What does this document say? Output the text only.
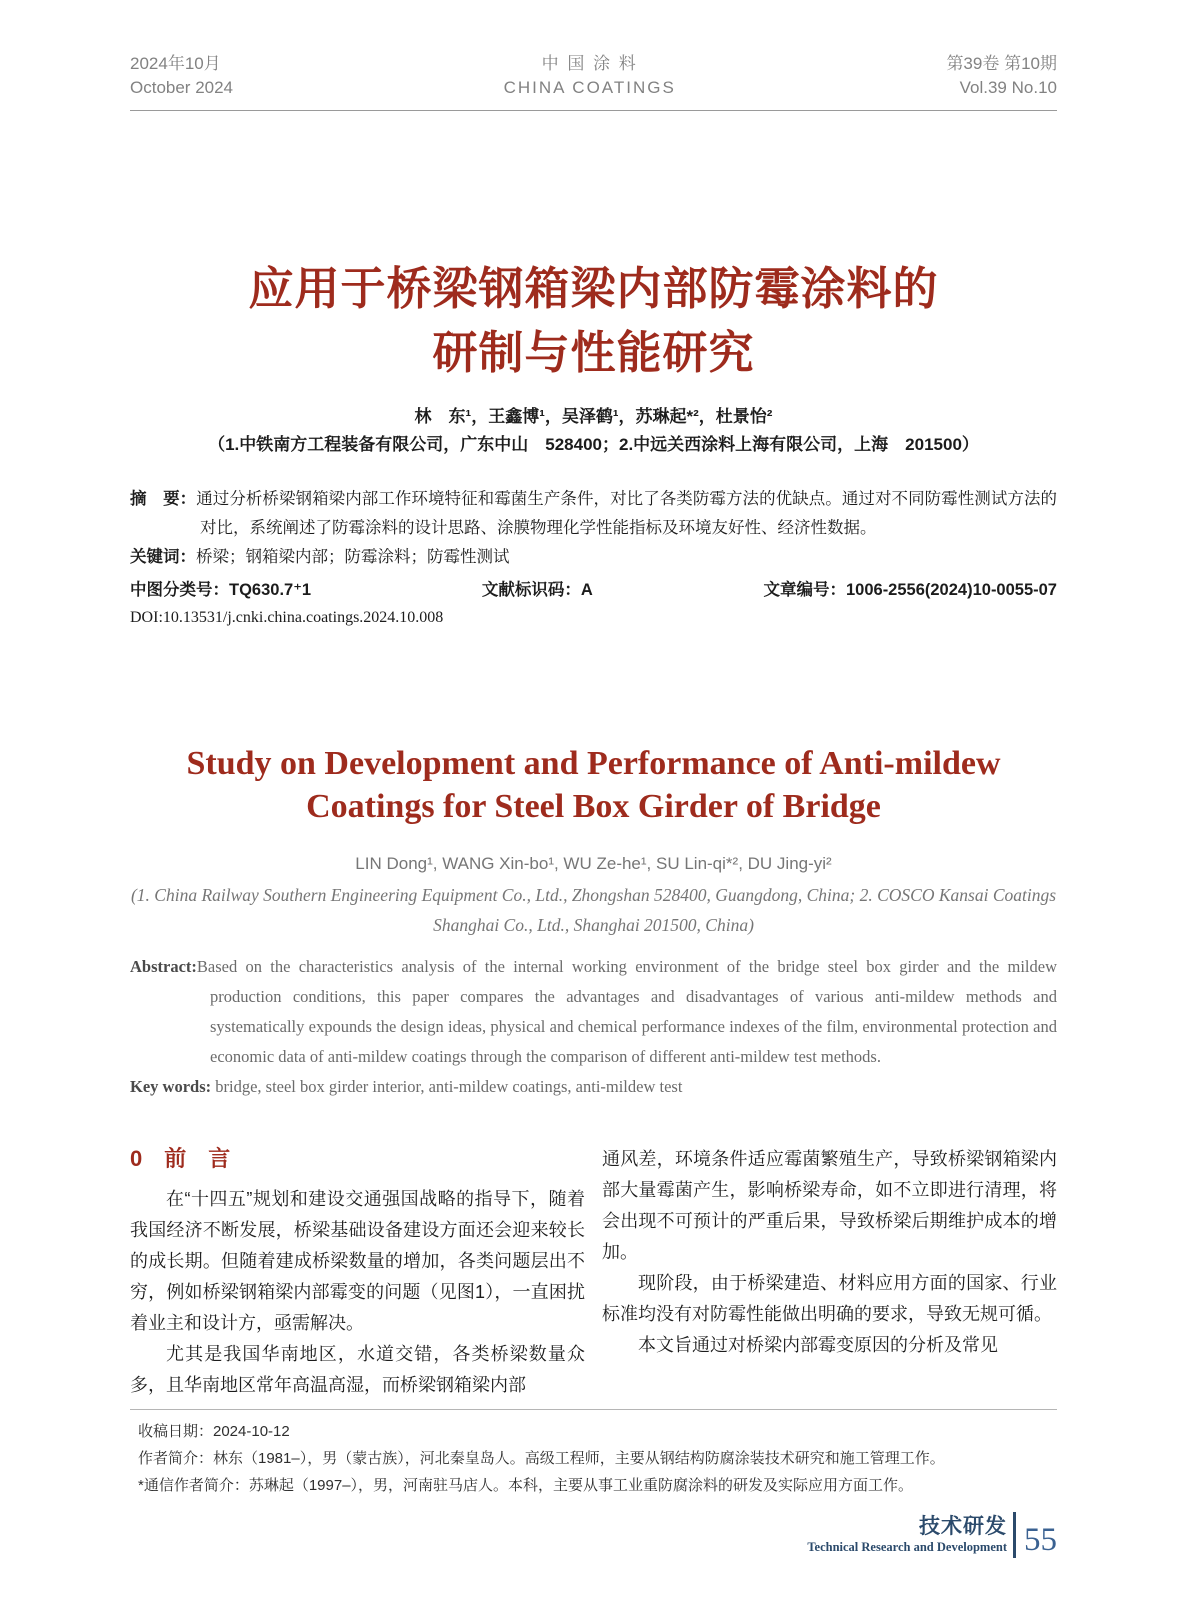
2024年10月
October 2024
中 国 涂 料
CHINA COATINGS
第39卷 第10期
Vol.39 No.10
应用于桥梁钢箱梁内部防霉涂料的
研制与性能研究
林　东¹，王鑫博¹，吴泽鹤¹，苏琳起*²，杜景怡²
（1.中铁南方工程装备有限公司，广东中山　528400；2.中远关西涂料上海有限公司，上海　201500）
摘　要：通过分析桥梁钢箱梁内部工作环境特征和霉菌生产条件，对比了各类防霉方法的优缺点。通过对不同防霉性测试方法的对比，系统阐述了防霉涂料的设计思路、涂膜物理化学性能指标及环境友好性、经济性数据。
关键词：桥梁；钢箱梁内部；防霉涂料；防霉性测试
中图分类号：TQ630.7⁺1	文献标识码：A	文章编号：1006-2556(2024)10-0055-07
DOI:10.13531/j.cnki.china.coatings.2024.10.008
Study on Development and Performance of Anti-mildew
Coatings for Steel Box Girder of Bridge
LIN Dong¹, WANG Xin-bo¹, WU Ze-he¹, SU Lin-qi*², DU Jing-yi²
(1. China Railway Southern Engineering Equipment Co., Ltd., Zhongshan 528400, Guangdong, China; 2. COSCO Kansai Coatings Shanghai Co., Ltd., Shanghai 201500, China)
Abstract:Based on the characteristics analysis of the internal working environment of the bridge steel box girder and the mildew production conditions, this paper compares the advantages and disadvantages of various anti-mildew methods and systematically expounds the design ideas, physical and chemical performance indexes of the film, environmental protection and economic data of anti-mildew coatings through the comparison of different anti-mildew test methods.
Key words: bridge, steel box girder interior, anti-mildew coatings, anti-mildew test
0　前　言

在“十四五”规划和建设交通强国战略的指导下，随着我国经济不断发展，桥梁基础设备建设方面还会迎来较长的成长期。但随着建成桥梁数量的增加，各类问题层出不穷，例如桥梁钢箱梁内部霉变的问题（见图1），一直困扰着业主和设计方，亟需解决。

尤其是我国华南地区，水道交错，各类桥梁数量众多，且华南地区常年高温高湿，而桥梁钢箱梁内部

通风差，环境条件适应霉菌繁殖生产，导致桥梁钢箱梁内部大量霉菌产生，影响桥梁寿命，如不立即进行清理，将会出现不可预计的严重后果，导致桥梁后期维护成本的增加。

现阶段，由于桥梁建造、材料应用方面的国家、行业标准均没有对防霉性能做出明确的要求，导致无规可循。

本文旨通过对桥梁内部霉变原因的分析及常见

收稿日期：2024-10-12
作者简介：林东（1981–），男（蒙古族），河北秦皇岛人。高级工程师，主要从钢结构防腐涂装技术研究和施工管理工作。
*通信作者简介：苏琳起（1997–），男，河南驻马店人。本科，主要从事工业重防腐涂料的研发及实际应用方面工作。
技术研发
Technical Research and Development 55
